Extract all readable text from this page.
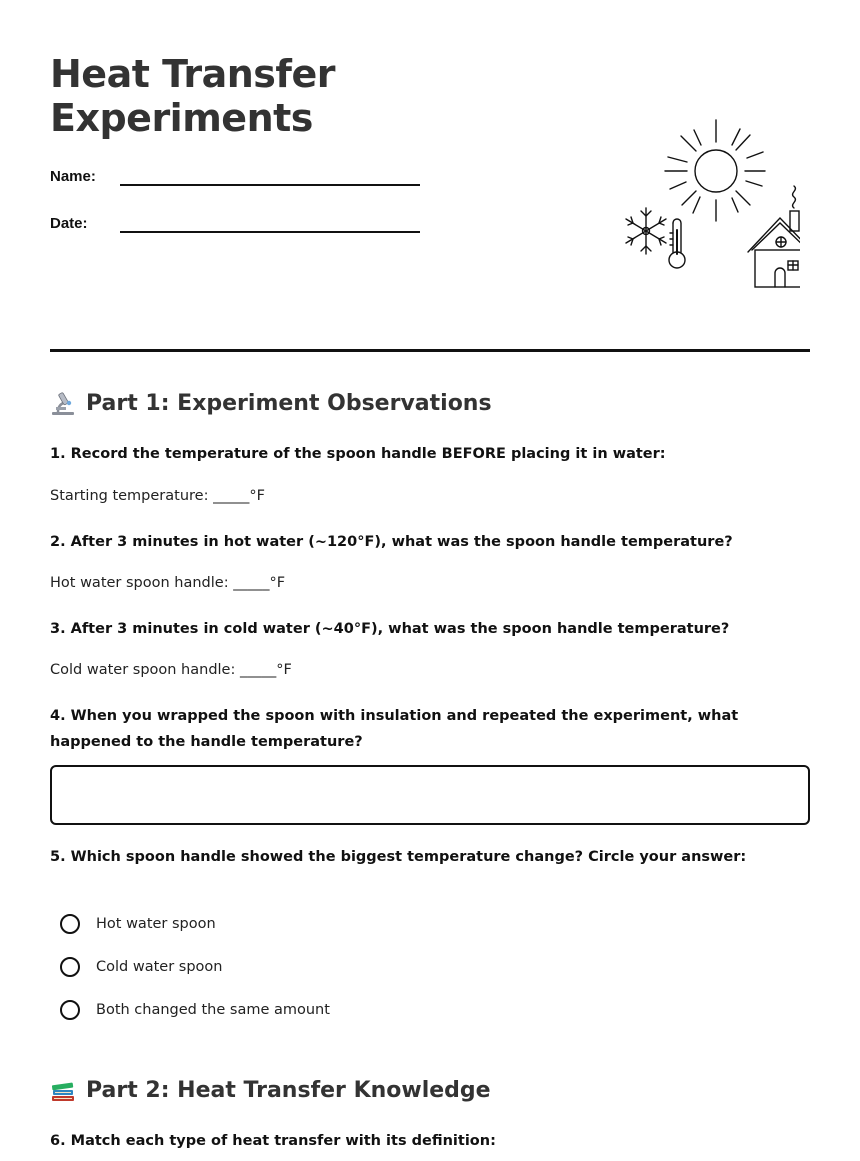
Heat Transfer
Experiments
Name:
Date:
Part 1: Experiment Observations

1. Record the temperature of the spoon handle BEFORE placing it in water:

Starting temperature: _____°F

2. After 3 minutes in hot water (~120°F), what was the spoon handle temperature?

Hot water spoon handle: _____°F

3. After 3 minutes in cold water (~40°F), what was the spoon handle temperature?

Cold water spoon handle: _____°F

4. When you wrapped the spoon with insulation and repeated the experiment, what happened to the handle temperature?

5. Which spoon handle showed the biggest temperature change? Circle your answer:

Hot water spoon
Cold water spoon
Both changed the same amount
Part 2: Heat Transfer Knowledge

6. Match each type of heat transfer with its definition:
